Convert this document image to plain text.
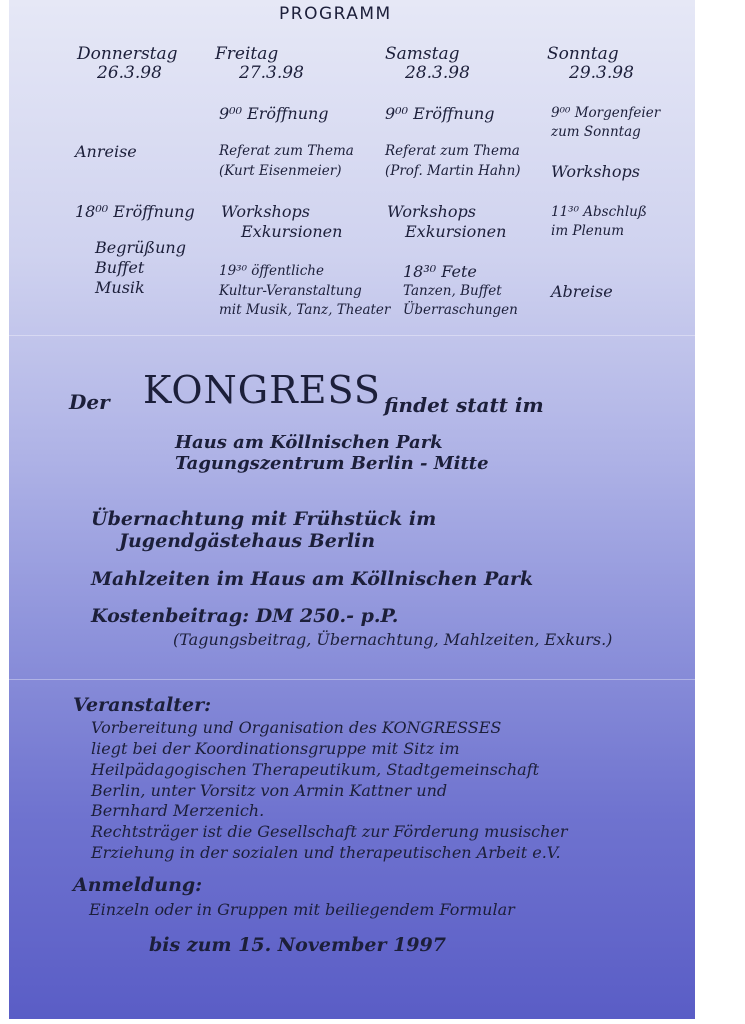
PROGRAMM
Donnerstag
26.3.98
Anreise
18⁰⁰ Eröffnung
Begrüßung
Buffet
Musik
Freitag
27.3.98
9⁰⁰ Eröffnung
Referat zum Thema
(Kurt Eisenmeier)
Workshops
Exkursionen
19³⁰ öffentliche
Kultur-Veranstaltung
mit Musik, Tanz, Theater
Samstag
28.3.98
9⁰⁰ Eröffnung
Referat zum Thema
(Prof. Martin Hahn)
Workshops
Exkursionen
18³⁰ Fete
Tanzen, Buffet
Überraschungen
Sonntag
29.3.98
9⁰⁰ Morgenfeier
zum Sonntag
Workshops
11³⁰ Abschluß
im Plenum
Abreise
Der KONGRESS findet statt im
Haus am Köllnischen Park
Tagungszentrum Berlin - Mitte
Übernachtung mit Frühstück im
Jugendgästehaus Berlin
Mahlzeiten im Haus am Köllnischen Park
Kostenbeitrag: DM 250.- p.P.
(Tagungsbeitrag, Übernachtung, Mahlzeiten, Exkurs.)
Veranstalter:
Vorbereitung und Organisation des KONGRESSES
liegt bei der Koordinationsgruppe mit Sitz im
Heilpädagogischen Therapeutikum, Stadtgemeinschaft
Berlin, unter Vorsitz von Armin Kattner und
Bernhard Merzenich.
Rechtsträger ist die Gesellschaft zur Förderung musischer
Erziehung in der sozialen und therapeutischen Arbeit e.V.
Anmeldung:
Einzeln oder in Gruppen mit beiliegendem Formular
bis zum 15. November 1997
